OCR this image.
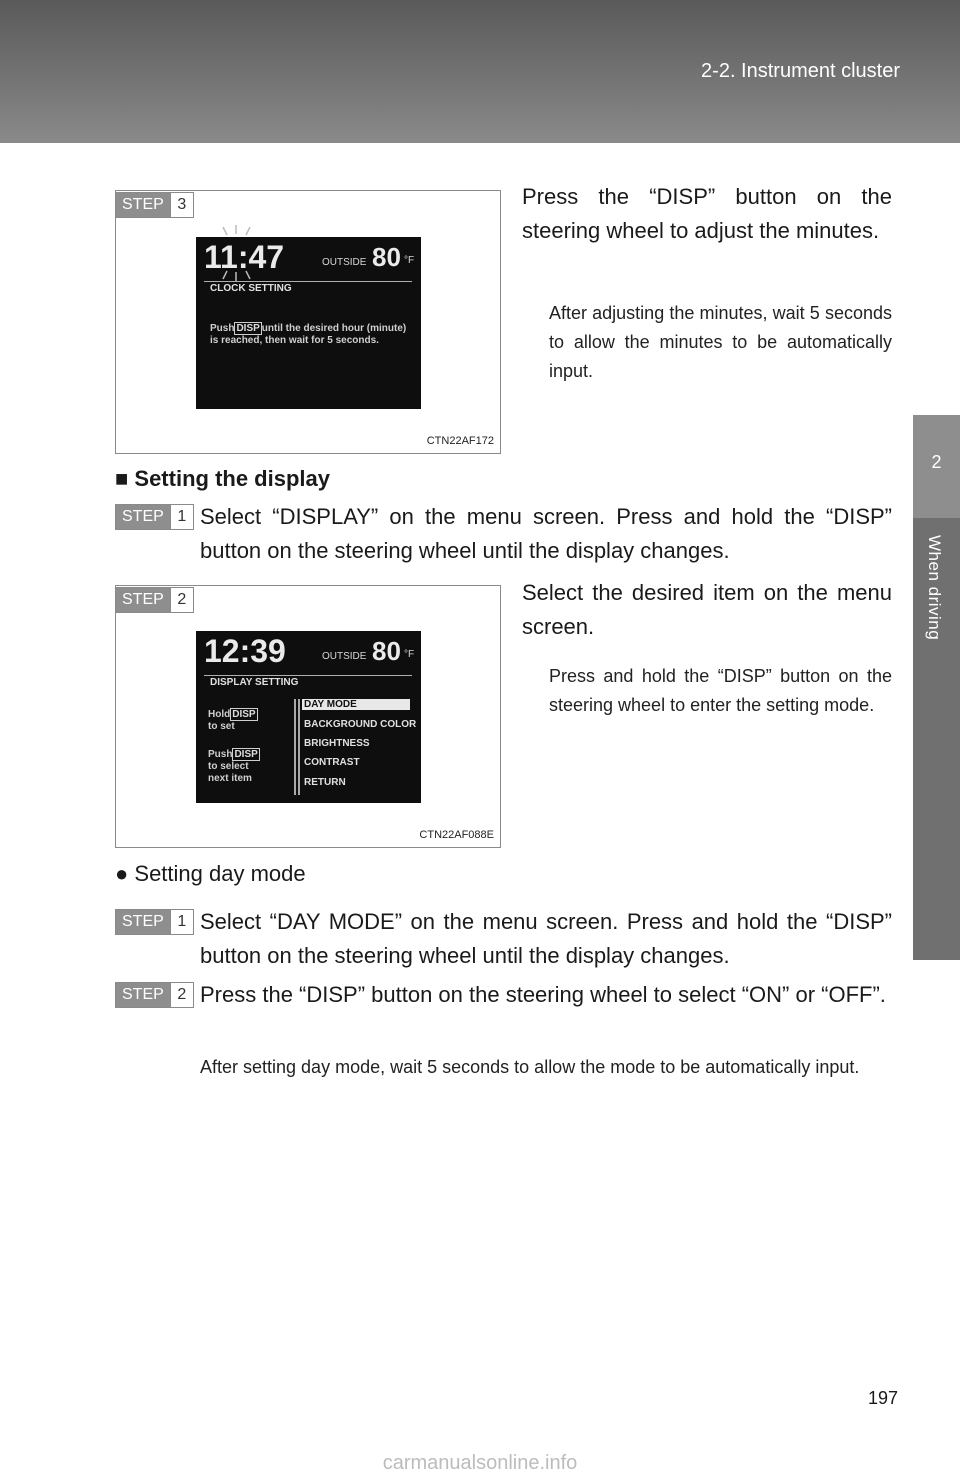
2-2. Instrument cluster
2
When driving
STEP 3
11:47	OUTSIDE 80 °F
CLOCK SETTING
Push DISP until the desired hour (minute)
is reached, then wait for 5 seconds.
CTN22AF172
Press the “DISP” button on the steering wheel to adjust the minutes.
After adjusting the minutes, wait 5 seconds to allow the minutes to be automatically input.
■ Setting the display
STEP 1 Select “DISPLAY” on the menu screen. Press and hold the “DISP” button on the steering wheel until the display changes.
STEP 2
12:39	OUTSIDE 80 °F
DISPLAY SETTING
Hold DISP
to set
Push DISP
to select
next item
DAY MODE
BACKGROUND COLOR
BRIGHTNESS
CONTRAST
RETURN
CTN22AF088E
Select the desired item on the menu screen.
Press and hold the “DISP” button on the steering wheel to enter the setting mode.
● Setting day mode
STEP 1 Select “DAY MODE” on the menu screen. Press and hold the “DISP” button on the steering wheel until the display changes.
STEP 2 Press the “DISP” button on the steering wheel to select “ON” or “OFF”.
After setting day mode, wait 5 seconds to allow the mode to be automatically input.
197
carmanualsonline.info
